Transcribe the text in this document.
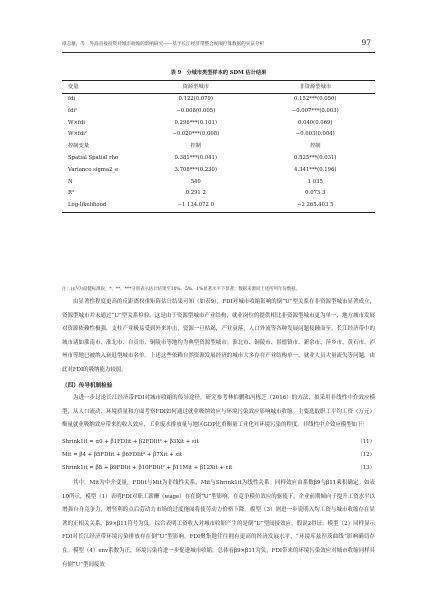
谭志雄，等　外商直接投资对城市收缩的影响研究——基于长江经济带整合视阈打算数据的实证分析	97
表 9　分城市类型样本的 SDM 估计结果
变量	资源型城市	非资源型城市
fdi	0.122(0.079)	0.152***(0.050)
fdi²	−0.008(0.005)	−0.007***(0.003)
W×fdi	0.296***(0.101)	0.040(0.069)
W×fdi²	−0.020***(0.008)	−0.003(0.004)
控制变量	控制	控制
Spatial Spatial rho	0.381***(0.041)	0.525***(0.031)
Variance sigma2_e	3.708***(0.230)	4.341***(0.196)
N	540	1 035
R²	0.291 2	0.073 3
Log-likelihood	−1 134.072 0	−2 265.403 5
注：()内为稳健标准误，*、**、***分别表示估计结果至10%、5%、1%显著水平下显著；数据来源同上述所列年份数据。
由显著性程度更高的反距离权重矩阵估计结果可知（如表9），FDI对城市收缩影响的倒“U”型关系在非资源型城市显著成立，资源型城市并未通过“U”型关系检验。这是由于资源型城市产业结构，就业岗位的提供相比非资源型城市更为单一，地方城市发展对资源依赖性极强，支柱产业极易受到外来冲击，资源一旦枯竭，产业衰落，人口外流等各种发展问题接踵而至。长江经济带中的城市诸如淮南市、淮北市、自贡市、铜陵市等地均为典型资源型城市；淮北市、铜陵市、景德镇市、新余市、萍乡市、黄石市、泸州市等地已被纳入衰退型城市名单。上述这些依赖自然资源发展经济的城市大多存在产业结构单一、就业人员大量流失等问题，由此对FDI的吸纳能力较弱。
（四）传导机制检验
为进一步讨论长江经济带FDI对城市收缩的传导途径，研究参考林伯鹏和冯栋芝（2016）的方法，拟采用非线性中介效应模型，从人口流动、环境质量和方面考察FDI如何通过就业吸纳效应与环境污染效应影响城市收缩。主要选取职工平均工资（万元）衡量就业吸纳效应带来的收入效应，工业废水排放量与地区GDP比重衡量工业化对环境污染的程度。非线性中介效应模型如下：
Shrink1it = α0 + β1FDIit + β2FDIit² + β3Xit + εit	（11）
Mit = β4 + β5FDIit + β6FDIit² + β7Xit + εit	（12）
Shrink1it = β8 + β9FDIit + β10FDIit² + β11Mit + β12Xit + εit	（13）
其中，Mit为中介变量，FDIit与Mit为非线性关系，Mit与Shrink1it为线性关系。同样效应由系数β9与β11乘积确定。如表10所示，模型（1）表明FDI对职工薪酬（wage）存在倒“U”型影响，在竞争模仿效应的驱使下，企业前期倾向于提升工资水平以增强自身竞争力，增竖利的点后劳动力市场的过度拖闻将使劳动力价格下降。模型（3）则进一步说明入均工资与城市收缩存在显著的正相关关系，β9×β11符号为负，综合表明工资收入对城市收缩产生的是倒“U”型间接效应，假说2得证。模型（2）同样显示FDI对长江经济带环境污染排放存在倒“U”型影响，FDI聚集地往往拥有更高的经济发展水平，“环境库兹涅茨曲线”影响确切存在。模型（4）env系数为正，环境污染将进一步促进城市收缩。总体看β9×β11为负，FDI带来的环境污染效应对城市收缩同样具有倒“U”型间接效
